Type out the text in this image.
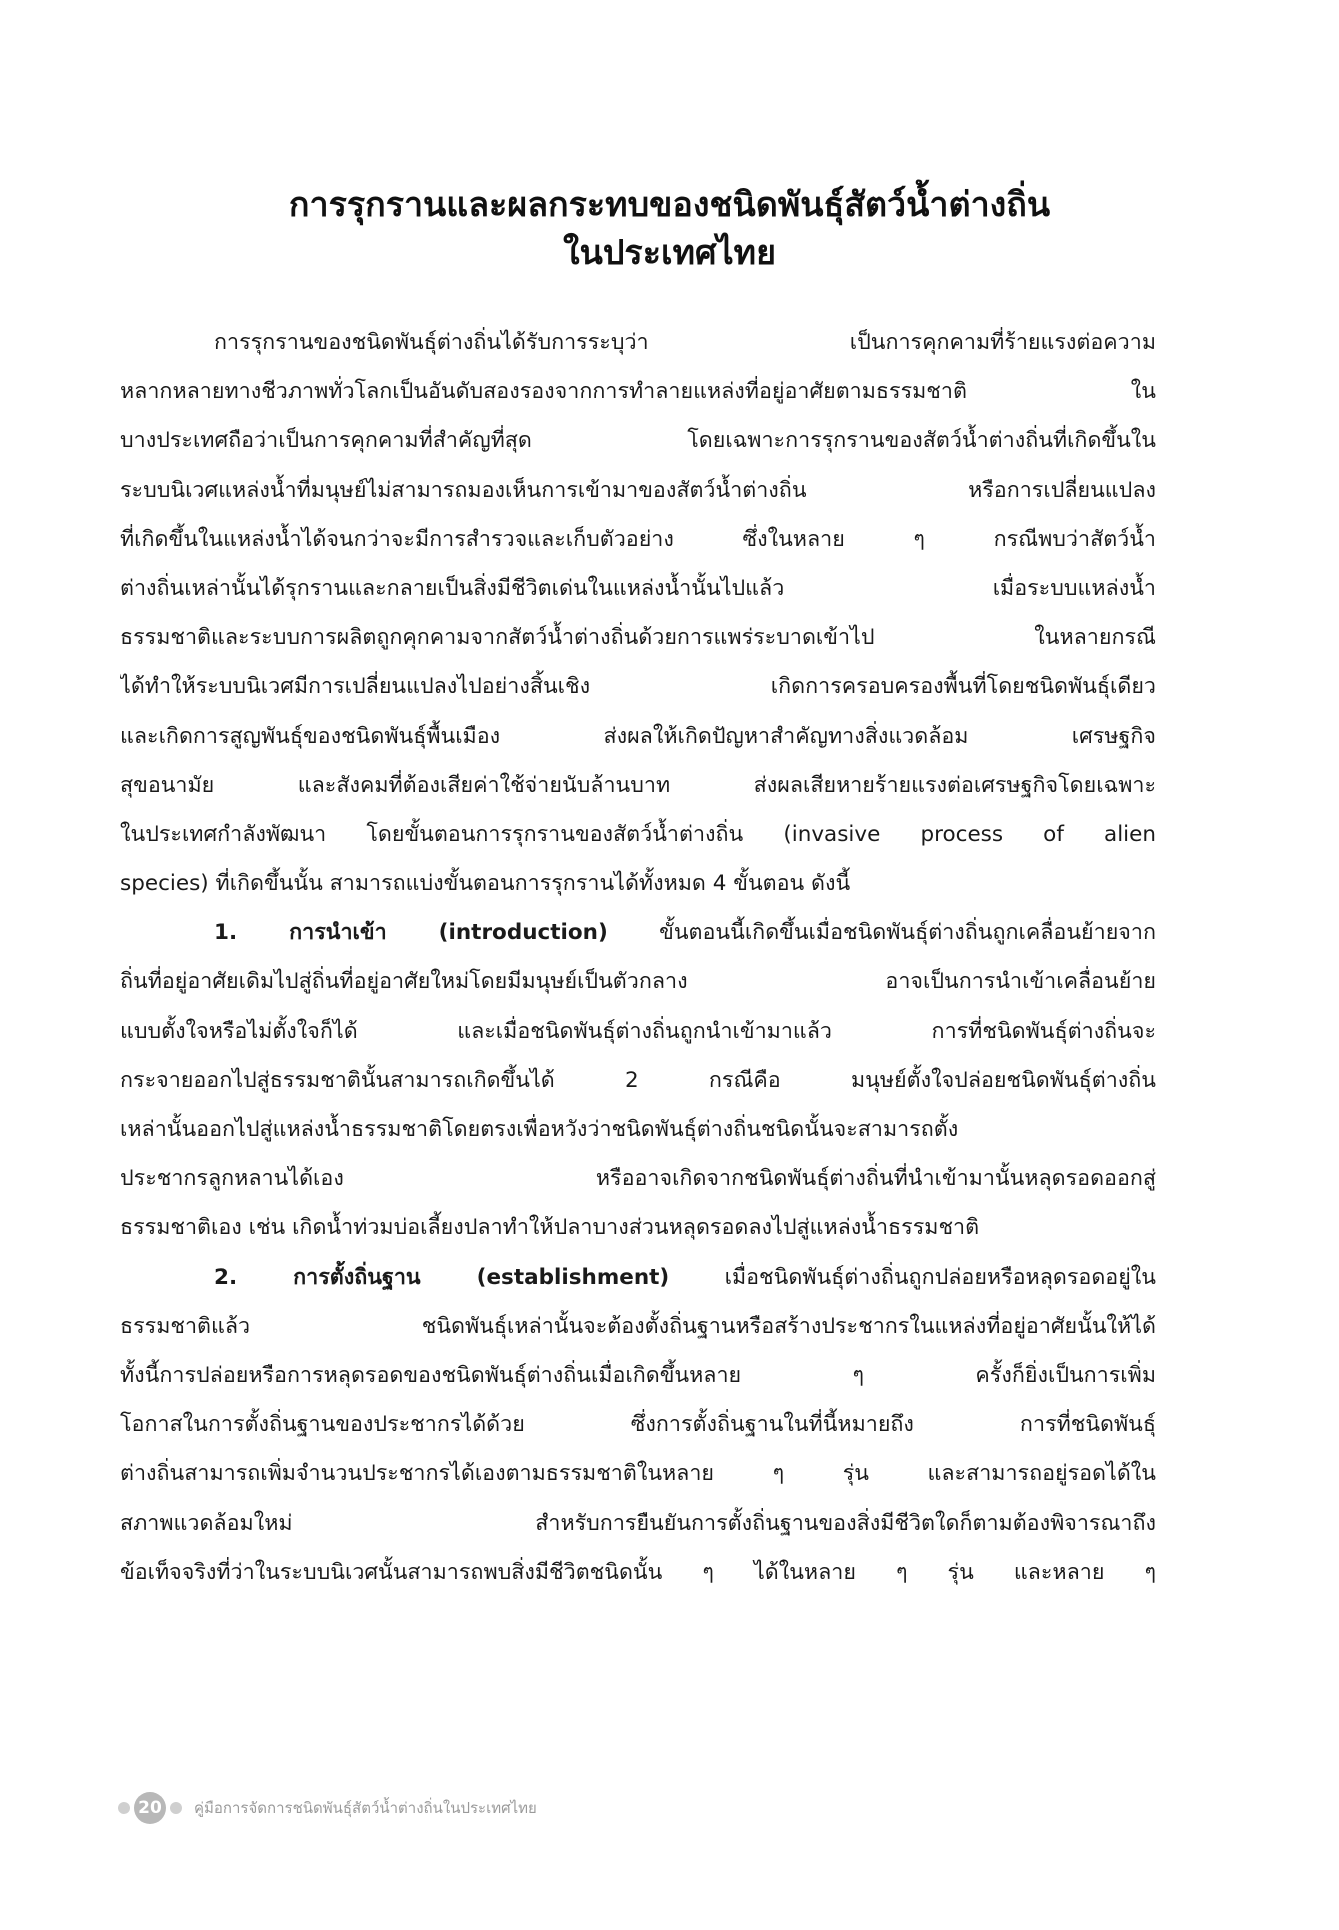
การรุกรานและผลกระทบของชนิดพันธุ์สัตว์น้ำต่างถิ่น
ในประเทศไทย
การรุกรานของชนิดพันธุ์ต่างถิ่นได้รับการระบุว่า เป็นการคุกคามที่ร้ายแรงต่อความ
หลากหลายทางชีวภาพทั่วโลกเป็นอันดับสองรองจากการทำลายแหล่งที่อยู่อาศัยตามธรรมชาติ ใน
บางประเทศถือว่าเป็นการคุกคามที่สำคัญที่สุด โดยเฉพาะการรุกรานของสัตว์น้ำต่างถิ่นที่เกิดขึ้นใน
ระบบนิเวศแหล่งน้ำที่มนุษย์ไม่สามารถมองเห็นการเข้ามาของสัตว์น้ำต่างถิ่น หรือการเปลี่ยนแปลง
ที่เกิดขึ้นในแหล่งน้ำได้จนกว่าจะมีการสำรวจและเก็บตัวอย่าง ซึ่งในหลาย ๆ กรณีพบว่าสัตว์น้ำ
ต่างถิ่นเหล่านั้นได้รุกรานและกลายเป็นสิ่งมีชีวิตเด่นในแหล่งน้ำนั้นไปแล้ว เมื่อระบบแหล่งน้ำ
ธรรมชาติและระบบการผลิตถูกคุกคามจากสัตว์น้ำต่างถิ่นด้วยการแพร่ระบาดเข้าไป ในหลายกรณี
ได้ทำให้ระบบนิเวศมีการเปลี่ยนแปลงไปอย่างสิ้นเชิง เกิดการครอบครองพื้นที่โดยชนิดพันธุ์เดียว
และเกิดการสูญพันธุ์ของชนิดพันธุ์พื้นเมือง ส่งผลให้เกิดปัญหาสำคัญทางสิ่งแวดล้อม เศรษฐกิจ
สุขอนามัย และสังคมที่ต้องเสียค่าใช้จ่ายนับล้านบาท ส่งผลเสียหายร้ายแรงต่อเศรษฐกิจโดยเฉพาะ
ในประเทศกำลังพัฒนา โดยขั้นตอนการรุกรานของสัตว์น้ำต่างถิ่น (invasive process of alien
species) ที่เกิดขึ้นนั้น สามารถแบ่งขั้นตอนการรุกรานได้ทั้งหมด 4 ขั้นตอน ดังนี้
1. การนำเข้า (introduction) ขั้นตอนนี้เกิดขึ้นเมื่อชนิดพันธุ์ต่างถิ่นถูกเคลื่อนย้ายจาก
ถิ่นที่อยู่อาศัยเดิมไปสู่ถิ่นที่อยู่อาศัยใหม่โดยมีมนุษย์เป็นตัวกลาง อาจเป็นการนำเข้าเคลื่อนย้าย
แบบตั้งใจหรือไม่ตั้งใจก็ได้ และเมื่อชนิดพันธุ์ต่างถิ่นถูกนำเข้ามาแล้ว การที่ชนิดพันธุ์ต่างถิ่นจะ
กระจายออกไปสู่ธรรมชาตินั้นสามารถเกิดขึ้นได้ 2 กรณีคือ มนุษย์ตั้งใจปล่อยชนิดพันธุ์ต่างถิ่น
เหล่านั้นออกไปสู่แหล่งน้ำธรรมชาติโดยตรงเพื่อหวังว่าชนิดพันธุ์ต่างถิ่นชนิดนั้นจะสามารถตั้ง
ประชากรลูกหลานได้เอง หรืออาจเกิดจากชนิดพันธุ์ต่างถิ่นที่นำเข้ามานั้นหลุดรอดออกสู่
ธรรมชาติเอง เช่น เกิดน้ำท่วมบ่อเลี้ยงปลาทำให้ปลาบางส่วนหลุดรอดลงไปสู่แหล่งน้ำธรรมชาติ
2. การตั้งถิ่นฐาน (establishment) เมื่อชนิดพันธุ์ต่างถิ่นถูกปล่อยหรือหลุดรอดอยู่ใน
ธรรมชาติแล้ว ชนิดพันธุ์เหล่านั้นจะต้องตั้งถิ่นฐานหรือสร้างประชากรในแหล่งที่อยู่อาศัยนั้นให้ได้
ทั้งนี้การปล่อยหรือการหลุดรอดของชนิดพันธุ์ต่างถิ่นเมื่อเกิดขึ้นหลาย ๆ ครั้งก็ยิ่งเป็นการเพิ่ม
โอกาสในการตั้งถิ่นฐานของประชากรได้ด้วย ซึ่งการตั้งถิ่นฐานในที่นี้หมายถึง การที่ชนิดพันธุ์
ต่างถิ่นสามารถเพิ่มจำนวนประชากรได้เองตามธรรมชาติในหลาย ๆ รุ่น และสามารถอยู่รอดได้ใน
สภาพแวดล้อมใหม่ สำหรับการยืนยันการตั้งถิ่นฐานของสิ่งมีชีวิตใดก็ตามต้องพิจารณาถึง
ข้อเท็จจริงที่ว่าในระบบนิเวศนั้นสามารถพบสิ่งมีชีวิตชนิดนั้น ๆ ได้ในหลาย ๆ รุ่น และหลาย ๆ
20 คู่มือการจัดการชนิดพันธุ์สัตว์น้ำต่างถิ่นในประเทศไทย
